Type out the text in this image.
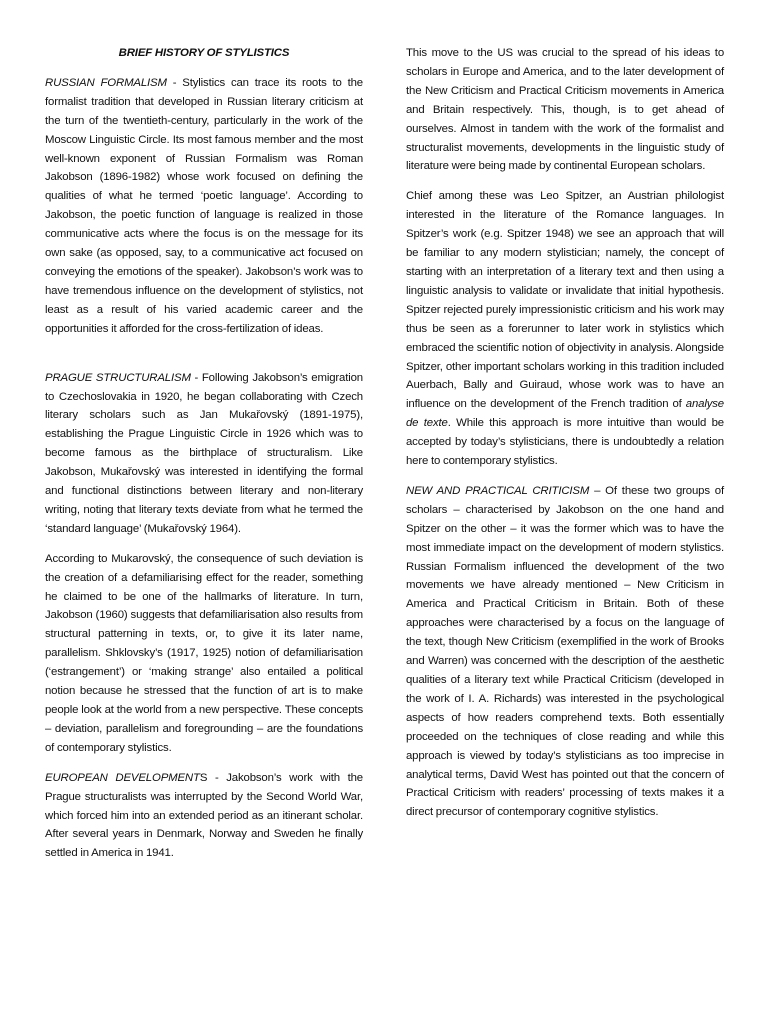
BRIEF HISTORY OF STYLISTICS

RUSSIAN FORMALISM - Stylistics can trace its roots to the formalist tradition that developed in Russian literary criticism at the turn of the twentieth-century, particularly in the work of the Moscow Linguistic Circle. Its most famous member and the most well-known exponent of Russian Formalism was Roman Jakobson (1896-1982) whose work focused on defining the qualities of what he termed ‘poetic language’. According to Jakobson, the poetic function of language is realized in those communicative acts where the focus is on the message for its own sake (as opposed, say, to a communicative act focused on conveying the emotions of the speaker). Jakobson’s work was to have tremendous influence on the development of stylistics, not least as a result of his varied academic career and the opportunities it afforded for the cross-fertilization of ideas.

PRAGUE STRUCTURALISM - Following Jakobson’s emigration to Czechoslovakia in 1920, he began collaborating with Czech literary scholars such as Jan Mukařovský (1891-1975), establishing the Prague Linguistic Circle in 1926 which was to become famous as the birthplace of structuralism. Like Jakobson, Mukařovský was interested in identifying the formal and functional distinctions between literary and non-literary writing, noting that literary texts deviate from what he termed the ‘standard language’ (Mukařovský 1964).

According to Mukarovský, the consequence of such deviation is the creation of a defamiliarising effect for the reader, something he claimed to be one of the hallmarks of literature. In turn, Jakobson (1960) suggests that defamiliarisation also results from structural patterning in texts, or, to give it its later name, parallelism. Shklovsky’s (1917, 1925) notion of defamiliarisation (‘estrangement’) or ‘making strange’ also entailed a political notion because he stressed that the function of art is to make people look at the world from a new perspective. These concepts – deviation, parallelism and foregrounding – are the foundations of contemporary stylistics.

EUROPEAN DEVELOPMENTS - Jakobson’s work with the Prague structuralists was interrupted by the Second World War, which forced him into an extended period as an itinerant scholar. After several years in Denmark, Norway and Sweden he finally settled in America in 1941.

This move to the US was crucial to the spread of his ideas to scholars in Europe and America, and to the later development of the New Criticism and Practical Criticism movements in America and Britain respectively. This, though, is to get ahead of ourselves. Almost in tandem with the work of the formalist and structuralist movements, developments in the linguistic study of literature were being made by continental European scholars.

Chief among these was Leo Spitzer, an Austrian philologist interested in the literature of the Romance languages. In Spitzer’s work (e.g. Spitzer 1948) we see an approach that will be familiar to any modern stylistician; namely, the concept of starting with an interpretation of a literary text and then using a linguistic analysis to validate or invalidate that initial hypothesis. Spitzer rejected purely impressionistic criticism and his work may thus be seen as a forerunner to later work in stylistics which embraced the scientific notion of objectivity in analysis. Alongside Spitzer, other important scholars working in this tradition included Auerbach, Bally and Guiraud, whose work was to have an influence on the development of the French tradition of analyse de texte. While this approach is more intuitive than would be accepted by today’s stylisticians, there is undoubtedly a relation here to contemporary stylistics.

NEW AND PRACTICAL CRITICISM – Of these two groups of scholars – characterised by Jakobson on the one hand and Spitzer on the other – it was the former which was to have the most immediate impact on the development of modern stylistics. Russian Formalism influenced the development of the two movements we have already mentioned – New Criticism in America and Practical Criticism in Britain. Both of these approaches were characterised by a focus on the language of the text, though New Criticism (exemplified in the work of Brooks and Warren) was concerned with the description of the aesthetic qualities of a literary text while Practical Criticism (developed in the work of I. A. Richards) was interested in the psychological aspects of how readers comprehend texts. Both essentially proceeded on the techniques of close reading and while this approach is viewed by today’s stylisticians as too imprecise in analytical terms, David West has pointed out that the concern of Practical Criticism with readers’ processing of texts makes it a direct precursor of contemporary cognitive stylistics.
